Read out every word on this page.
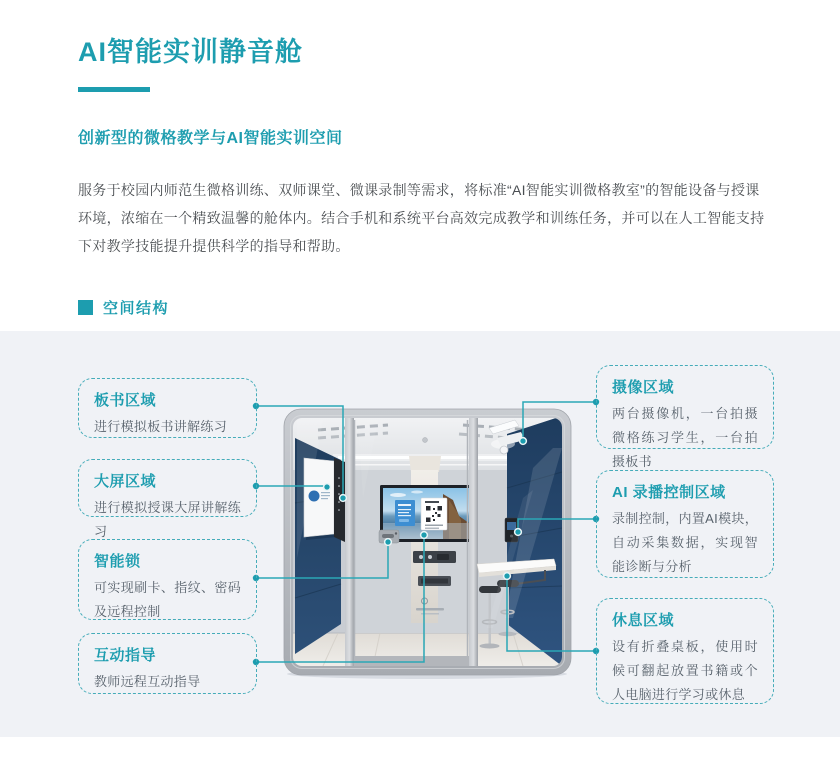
AI智能实训静音舱
创新型的微格教学与AI智能实训空间

服务于校园内师范生微格训练、双师课堂、微课录制等需求，将标准“AI智能实训微格教室”的智能设备与授课环境，浓缩在一个精致温馨的舱体内。结合手机和系统平台高效完成教学和训练任务，并可以在人工智能支持下对教学技能提升提供科学的指导和帮助。

空间结构
板书区域
进行模拟板书讲解练习
大屏区域
进行模拟授课大屏讲解练习
智能锁
可实现刷卡、指纹、密码及远程控制
互动指导
教师远程互动指导
摄像区域
两台摄像机，一台拍摄微格练习学生，一台拍摄板书
AI 录播控制区域
录制控制，内置AI模块，自动采集数据，实现智能诊断与分析
休息区域
设有折叠桌板，使用时候可翻起放置书籍或个人电脑进行学习或休息
